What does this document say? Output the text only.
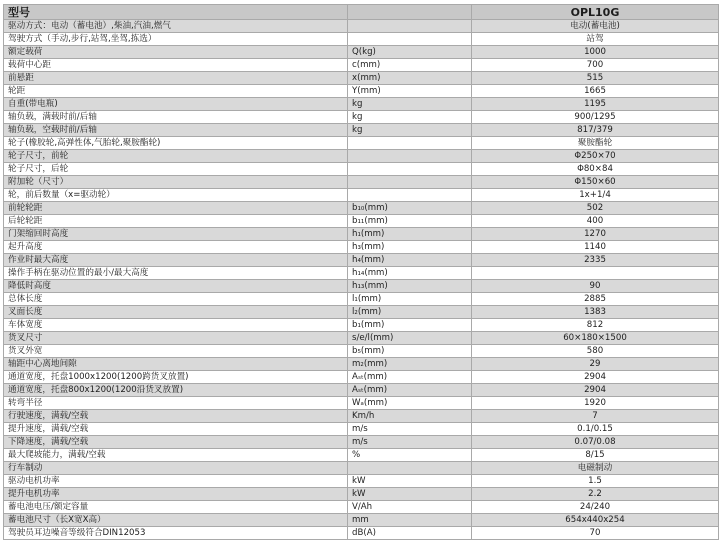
型号		OPL10G
驱动方式：电动（蓄电池）,柴油,汽油,燃气		电动(蓄电池)
驾驶方式（手动,步行,站驾,坐驾,拣选）		站驾
额定载荷	Q(kg)	1000
载荷中心距	c(mm)	700
前悬距	x(mm)	515
轮距	Y(mm)	1665
自重(带电瓶)	kg	1195
轴负载，满载时前/后轴	kg	900/1295
轴负载，空载时前/后轴	kg	817/379
轮子(橡胶轮,高弹性体,气胎轮,聚胺酯轮)		聚胺酯轮
轮子尺寸，前轮		Φ250×70
轮子尺寸，后轮		Φ80×84
附加轮（尺寸）		Φ150×60
轮，前后数量（x=驱动轮）		1x+1/4
前轮轮距	b₁₀(mm)	502
后轮轮距	b₁₁(mm)	400
门架缩回时高度	h₁(mm)	1270
起升高度	h₃(mm)	1140
作业时最大高度	h₄(mm)	2335
操作手柄在驱动位置的最小/最大高度	h₁₄(mm)	
降低时高度	h₁₃(mm)	90
总体长度	l₁(mm)	2885
叉面长度	l₂(mm)	1383
车体宽度	b₁(mm)	812
货叉尺寸	s/e/l(mm)	60×180×1500
货叉外宽	b₅(mm)	580
轴距中心离地间隙	m₂(mm)	29
通道宽度，托盘1000x1200(1200跨货叉放置)	Aₛₜ(mm)	2904
通道宽度，托盘800x1200(1200沿货叉放置)	Aₛₜ(mm)	2904
转弯半径	Wₐ(mm)	1920
行驶速度，满载/空载	Km/h	7
提升速度，满载/空载	m/s	0.1/0.15
下降速度，满载/空载	m/s	0.07/0.08
最大爬坡能力，满载/空载	%	8/15
行车制动		电磁制动
驱动电机功率	kW	1.5
提升电机功率	kW	2.2
蓄电池电压/额定容量	V/Ah	24/240
蓄电池尺寸（长X宽X高）	mm	654x440x254
驾驶员耳边噪音等级符合DIN12053	dB(A)	70
